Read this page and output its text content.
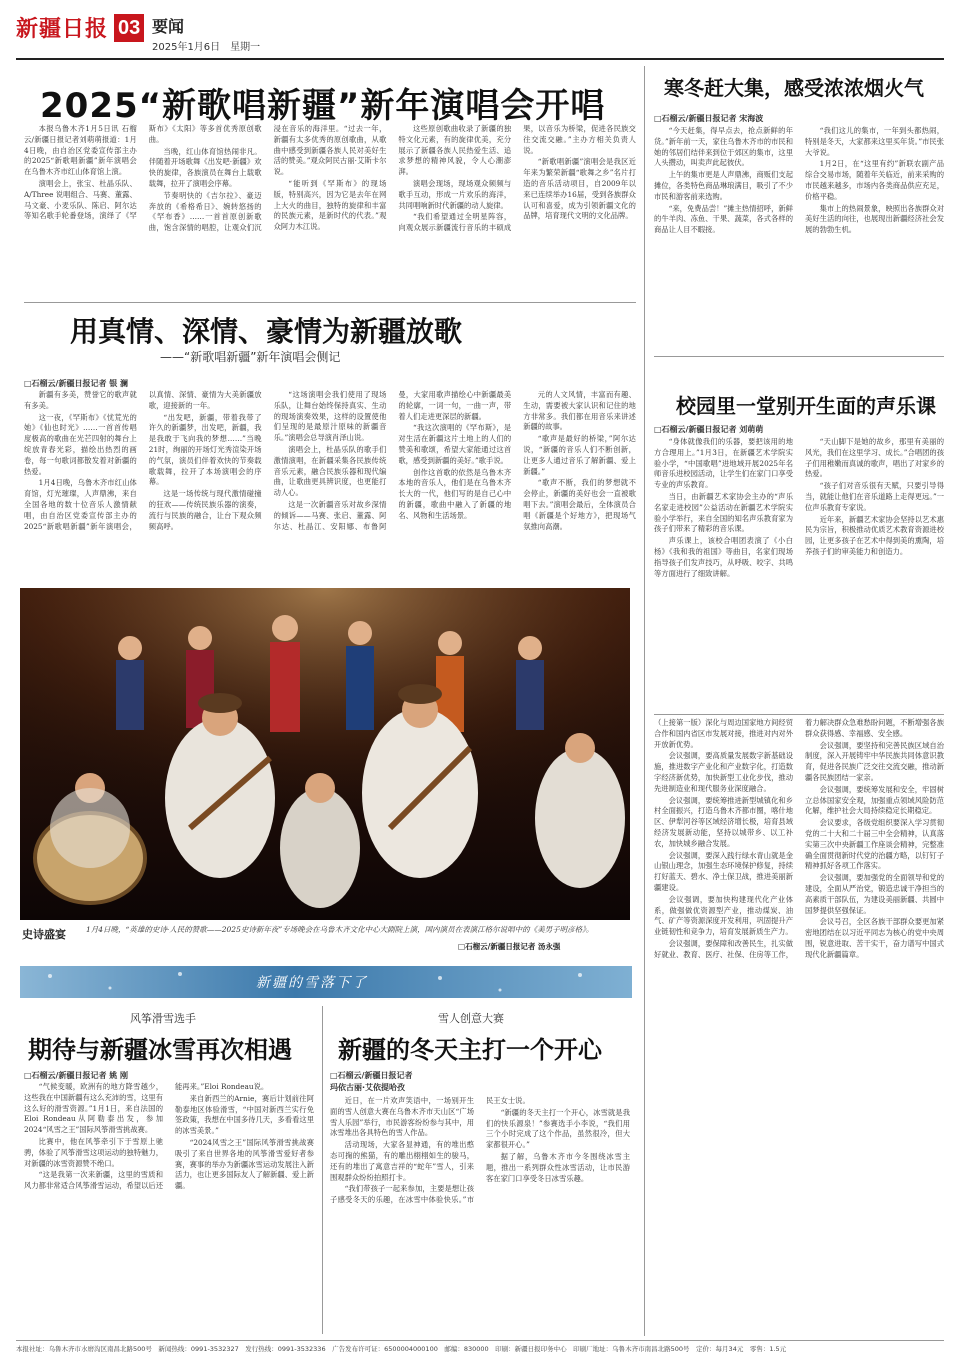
新疆日报 03 要闻
2025年1月6日　星期一
2025“新歌唱新疆”新年演唱会开唱

本报乌鲁木齐1月5日讯 石榴云/新疆日报记者刘萌萌报道：1月4日晚，由自治区党委宣传部主办的2025“新歌唱新疆”新年演唱会在乌鲁木齐市红山体育馆上演。

演唱会上，张宝、杜晶乐队、A/Three 说唱组合、马赛、董露、马文豪、小麦乐队、陈启、阿尔达等知名歌手轮番登场，演绎了《罕斯布》《太阳》等多首优秀原创歌曲。

当晚，红山体育馆热闹非凡。伴随着开场歌舞《出发吧·新疆》欢快的旋律，各族演员在舞台上载歌载舞，拉开了演唱会序幕。

节奏明快的《吉尔拉》、豪迈奔放的《希格希日》、婉转悠扬的《罕布香》……一首首原创新歌曲，饱含深情的唱腔，让观众们沉浸在音乐的海洋里。“过去一年，新疆有太多优秀的原创歌曲，从歌曲中感受到新疆各族人民对美好生活的赞美。”观众阿民古丽·艾斯卡尔说。

“能听到《罕斯布》的现场版，特别高兴，因为它是去年在网上大火的曲目，独特的旋律和丰富的民族元素，是新时代的代表。”观众阿力木江说。

这些原创歌曲收录了新疆的独特文化元素，有的旋律优美，充分展示了新疆各族人民热爱生活、追求梦想的精神风貌，令人心潮澎湃。

演唱会现场，现场观众频频与歌手互动，形成一片欢乐的海洋，共同唱响新时代新疆的动人旋律。

“我们希望通过全明星阵容，向观众展示新疆流行音乐的丰硕成果，以音乐为桥梁，促进各民族交往交流交融。”主办方相关负责人说。

“新歌唱新疆”演唱会是我区近年来为繁荣新疆“歌舞之乡”名片打造的音乐活动项目，自2009年以来已连续举办16届，受到各族群众认可和喜爱，成为引领新疆文化的品牌，培育现代文明的文化品牌。

用真情、深情、豪情为新疆放歌
——“新歌唱新疆”新年演唱会侧记
□石榴云/新疆日报记者 银 澜

新疆有多美，赞誉它的歌声就有多美。

这一夜，《罕斯布》《忧荒光的她》《仙也时光》……一首首传唱度极高的歌曲在光芒四射的舞台上绽放青春光彩，描绘出热烈的画卷，每一句歌词都散发着对新疆的热爱。

1月4日晚，乌鲁木齐市红山体育馆，灯光璀璨，人声鼎沸，来自全国各地的数十位音乐人激情献唱，由自治区党委宣传部主办的2025“新歌唱新疆”新年演唱会，以真情、深情、豪情为大美新疆放歌，迎接新的一年。

“出发吧，新疆，带着我带了许久的新疆梦，出发吧，新疆，我是我敢于飞向我的梦想……”当晚21时，绚丽的开场灯光秀渲染开场的气氛，演员们伴着欢快的节奏载歌载舞，拉开了本场演唱会的序幕。

这是一场传统与现代激情碰撞的狂欢——传统民族乐器的演奏，流行与民族的融合，让台下观众频频高呼。

“这场演唱会我们使用了现场乐队，让舞台始终保持真实、生动的现场演奏效果，这样的设置使他们呈现的是最原汁原味的新疆音乐。”演唱会总导演肖泽山说。

演唱会上，杜晶乐队的歌手们激情演唱，在新疆采集各民族传统音乐元素，融合民族乐器和现代编曲，让歌曲更具辨识度，也更能打动人心。

这是一次新疆音乐对故乡深情的倾诉——马赛、张启、董露、阿尔达、杜晶江、安阳娜、布鲁阿曼，大家用歌声描绘心中新疆最美的轮廓，一词一句，一曲一声，带着人们走进更深层的新疆。

“我这次演唱的《罕布斯》，是对生活在新疆这片土地上的人们的赞美和歌颂，希望大家能通过这首歌，感受到新疆的美好。”歌手说。

创作这首歌的依然是乌鲁木齐本地的音乐人，他们是在乌鲁木齐长大的一代，他们写的是自己心中的新疆，歌曲中融入了新疆的地名、风物和生活场景。

元的人文风情，丰富而有趣、生动，需要被大家认识和记住的地方非常多。我们都在用音乐来讲述新疆的故事。

“歌声是最好的桥梁，”阿尔达说，“新疆的音乐人们不断创新，让更多人通过音乐了解新疆、爱上新疆。”

“歌声不断，我们的梦想就不会停止，新疆的美好也会一直被歌唱下去。”演唱会最后，全体演员合唱《新疆是个好地方》，把现场气氛推向高潮。

寒冬赶大集，感受浓浓烟火气
□石榴云/新疆日报记者 宋海波

“今天赶集，得早点去，抢点新鲜的年货。”新年前一天，家住乌鲁木齐市的市民和她的邻居们结伴来到位于郊区的集市，这里人头攒动，叫卖声此起彼伏。

上午的集市更是人声鼎沸，商贩们支起摊位，各类特色商品琳琅满目，吸引了不少市民和游客前来选购。

“来，免费品尝！”摊主热情招呼，新鲜的牛羊肉、冻鱼、干果、蔬菜，各式各样的商品让人目不暇接。

“我们这儿的集市，一年到头都热闹，特别是冬天，大家都来这里买年货。”市民张大爷说。

1月2日，在“这里有约”新联农副产品综合交易市场，随着年关临近，前来采购的市民越来越多，市场内各类商品供应充足，价格平稳。

集市上的热闹景象，映照出各族群众对美好生活的向往，也展现出新疆经济社会发展的勃勃生机。

校园里一堂别开生面的声乐课
□石榴云/新疆日报记者 刘萌萌

“身体就像我们的乐器，要把该用的地方合理用上。”1月3日，在新疆艺术学院实验小学，“中国歌唱”进地域开展2025年名师音乐进校园活动，让学生们在家门口享受专业的声乐教育。

当日，由新疆艺术家协会主办的“声乐名家走进校园”公益活动在新疆艺术学院实验小学举行，来自全国的知名声乐教育家为孩子们带来了精彩的音乐课。

声乐课上，该校合唱团表演了《小白杨》《我和我的祖国》等曲目，名家们现场指导孩子们发声技巧，从呼吸、咬字、共鸣等方面进行了细致讲解。

“天山脚下是她的故乡，那里有美丽的风光，我们在这里学习、成长。”合唱团的孩子们用稚嫩而真诚的歌声，唱出了对家乡的热爱。

“孩子们对音乐很有天赋，只要引导得当，就能让他们在音乐道路上走得更远。”一位声乐教育专家说。

近年来，新疆艺术家协会坚持以艺术惠民为宗旨，积极推动优质艺术教育资源进校园，让更多孩子在艺术中得到美的熏陶，培养孩子们的审美能力和创造力。

（上接第一版）深化与周边国家地方间经贸合作和国内省区市发展对接，推进对内对外开放新优势。

会议强调，要高质量发展数字新基础设施，推进数字产业化和产业数字化，打造数字经济新优势，加快新型工业化步伐，推动先进制造业和现代服务业深度融合。

会议强调，要统筹推进新型城镇化和乡村全面振兴，打造乌鲁木齐都市圈，喀什地区、伊犁河谷等区域经济增长极，培育县域经济发展新动能，坚持以城带乡、以工补农，加快城乡融合发展。

会议强调，要深入践行绿水青山就是金山银山理念，加强生态环境保护修复，持续打好蓝天、碧水、净土保卫战，推进美丽新疆建设。

会议强调，要加快构建现代化产业体系，做强做优资源型产业，推动煤炭、油气、矿产等资源深度开发利用，巩固提升产业链韧性和竞争力，培育发展新质生产力。

会议强调，要保障和改善民生，扎实做好就业、教育、医疗、社保、住房等工作，着力解决群众急难愁盼问题，不断增强各族群众获得感、幸福感、安全感。

会议强调，要坚持和完善民族区域自治制度，深入开展铸牢中华民族共同体意识教育，促进各民族广泛交往交流交融，推动新疆各民族团结一家亲。

会议强调，要统筹发展和安全，牢固树立总体国家安全观，加强重点领域风险防范化解，维护社会大局持续稳定长期稳定。

会议要求，各级党组织要深入学习贯彻党的二十大和二十届三中全会精神，认真落实第三次中央新疆工作座谈会精神，完整准确全面贯彻新时代党的治疆方略，以钉钉子精神抓好各项工作落实。

会议强调，要加强党的全面领导和党的建设，全面从严治党，锻造忠诚干净担当的高素质干部队伍，为建设美丽新疆、共圆中国梦提供坚强保证。

会议号召，全区各族干部群众要更加紧密地团结在以习近平同志为核心的党中央周围，锐意进取、苦干实干，奋力谱写中国式现代化新疆篇章。

史诗盛宴	1月4日晚，“英雄的史诗·人民的赞歌——2025史诗新年夜”专场晚会在乌鲁木齐文化中心大剧院上演，国内演员在表演江格尔说唱中的《美男子明彦格》。
□石榴云/新疆日报记者 汤永强
新疆的雪落下了
风筝滑雪选手
期待与新疆冰雪再次相遇
□石榴云/新疆日报记者 姚 刚

“气候变暖，欧洲有的地方降雪越少，这些我在中国新疆有这么充沛的雪，这里有这么好的滑雪资源。”1月1日，来自法国的Eloi Rondeau从阿勒泰出发，参加2024“风雪之王”国际风筝滑雪挑战赛。

比赛中，他在风筝牵引下于雪原上驰骋，体验了风筝滑雪这项运动的独特魅力，对新疆的冰雪资源赞不绝口。

“这是我第一次来新疆，这里的雪质和风力都非常适合风筝滑雪运动，希望以后还能再来。”Eloi Rondeau说。

来自新西兰的Arnie，赛后计划前往阿勒泰地区体验滑雪，“中国对新西兰实行免签政策，我想在中国多待几天，多看看这里的冰雪美景。”

“2024风雪之王”国际风筝滑雪挑战赛吸引了来自世界各地的风筝滑雪爱好者参赛，赛事的举办为新疆冰雪运动发展注入新活力，也让更多国际友人了解新疆、爱上新疆。

雪人创意大赛
新疆的冬天主打一个开心
□石榴云/新疆日报记者
玛依古丽·艾依提哈孜

近日，在一片欢声笑语中，一场别开生面的雪人创意大赛在乌鲁木齐市天山区“广场雪人乐园”举行，市民游客纷纷参与其中，用冰雪堆出各具特色的雪人作品。

活动现场，大家各显神通，有的堆出憨态可掬的熊猫，有的雕出栩栩如生的骏马，还有的堆出了寓意吉祥的“蛇年”雪人，引来围观群众纷纷拍照打卡。

“我们带孩子一起来参加，主要是想让孩子感受冬天的乐趣，在冰雪中体验快乐。”市民王女士说。

“新疆的冬天主打一个开心，冰雪就是我们的快乐源泉！”参赛选手小李说，“我们用三个小时完成了这个作品，虽然很冷，但大家都很开心。”

据了解，乌鲁木齐市今冬围绕冰雪主题，推出一系列群众性冰雪活动，让市民游客在家门口享受冬日冰雪乐趣。

本报社址：乌鲁木齐市水磨沟区南昌北路500号　新闻热线：0991-3532327　发行热线：0991-3532336　广告发布许可证：6500004000100　邮编：830000　印刷：新疆日报印务中心　印刷厂地址：乌鲁木齐市南昌北路500号　定价：每月34元　零售：1.5元
